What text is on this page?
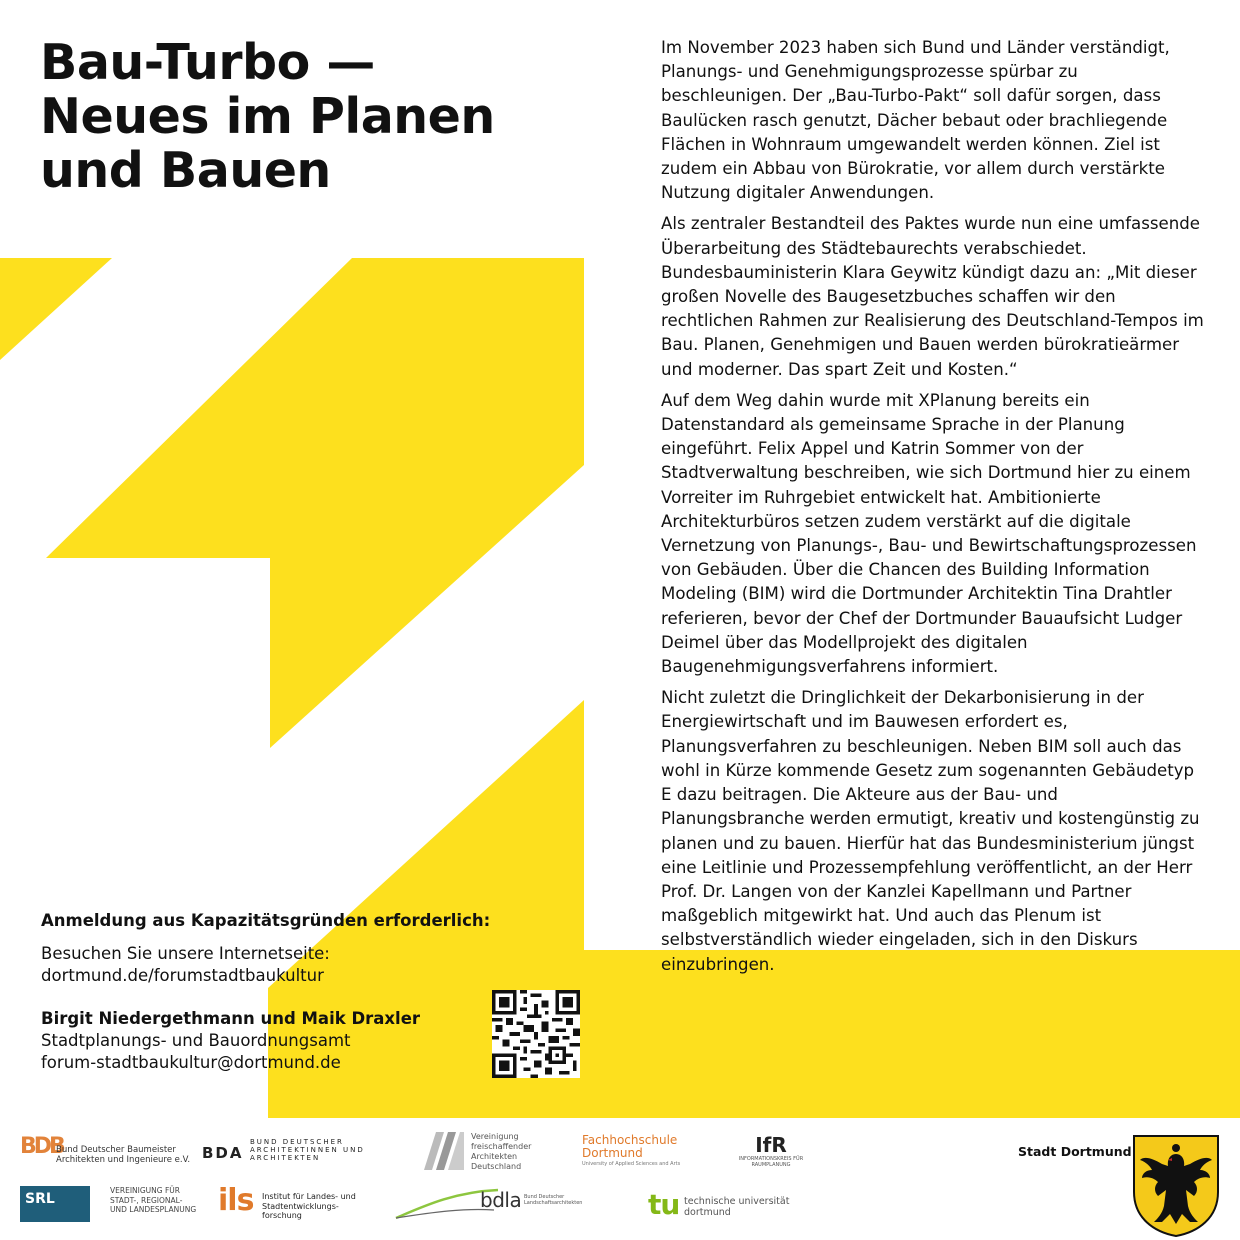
Bau-Turbo —
Neues im Planen
und Bauen

Im November 2023 haben sich Bund und Länder verständigt, Planungs- und Genehmigungsprozesse spürbar zu beschleunigen. Der „Bau-Turbo-Pakt“ soll dafür sorgen, dass Baulücken rasch genutzt, Dächer bebaut oder brachliegende Flächen in Wohnraum umgewandelt werden können. Ziel ist zudem ein Abbau von Bürokratie, vor allem durch verstärkte Nutzung digitaler Anwendungen.

Als zentraler Bestandteil des Paktes wurde nun eine umfassende Überarbeitung des Städtebaurechts verabschiedet. Bundesbauministerin Klara Geywitz kündigt dazu an: „Mit dieser großen Novelle des Baugesetzbuches schaffen wir den rechtlichen Rahmen zur Realisierung des Deutschland-Tempos im Bau. Planen, Genehmigen und Bauen werden bürokratieärmer und moderner. Das spart Zeit und Kosten.“

Auf dem Weg dahin wurde mit XPlanung bereits ein Datenstandard als gemeinsame Sprache in der Planung eingeführt. Felix Appel und Katrin Sommer von der Stadtverwaltung beschreiben, wie sich Dortmund hier zu einem Vorreiter im Ruhrgebiet entwickelt hat. Ambitionierte Architekturbüros setzen zudem verstärkt auf die digitale Vernetzung von Planungs-, Bau- und Bewirtschaftungsprozessen von Gebäuden. Über die Chancen des Building Information Modeling (BIM) wird die Dortmunder Architektin Tina Drahtler referieren, bevor der Chef der Dortmunder Bauaufsicht Ludger Deimel über das Modellprojekt des digitalen Baugenehmigungsverfahrens informiert.

Nicht zuletzt die Dringlichkeit der Dekarbonisierung in der Energiewirtschaft und im Bauwesen erfordert es, Planungsverfahren zu beschleunigen. Neben BIM soll auch das wohl in Kürze kommende Gesetz zum sogenannten Gebäudetyp E dazu beitragen. Die Akteure aus der Bau- und Planungsbranche werden ermutigt, kreativ und kostengünstig zu planen und zu bauen. Hierfür hat das Bundesministerium jüngst eine Leitlinie und Prozessempfehlung veröffentlicht, an der Herr Prof. Dr. Langen von der Kanzlei Kapellmann und Partner maßgeblich mitgewirkt hat. Und auch das Plenum ist selbstverständlich wieder eingeladen, sich in den Diskurs einzubringen.

Anmeldung aus Kapazitätsgründen erforderlich:
Besuchen Sie unsere Internetseite:
dortmund.de/forumstadtbaukultur
Birgit Niedergethmann und Maik Draxler
Stadtplanungs- und Bauordnungsamt
forum-stadtbaukultur@dortmund.de
BDB
Bund Deutscher Baumeister Architekten und Ingenieure e.V. BDA
BUND DEUTSCHER ARCHITEKTINNEN UND ARCHITEKTEN
Vereinigung freischaffender Architekten Deutschland
Fachhochschule
Dortmund
University of Applied Sciences and Arts
IfR
INFORMATIONSKREIS FÜR RAUMPLANUNG
SRL
VEREINIGUNG FÜR STADT-, REGIONAL- UND LANDESPLANUNG ils Institut für Landes- und Stadtentwicklungs- forschung
bdla Bund Deutscher Landschaftsarchitekten tu technische universität dortmund
Stadt Dortmund
